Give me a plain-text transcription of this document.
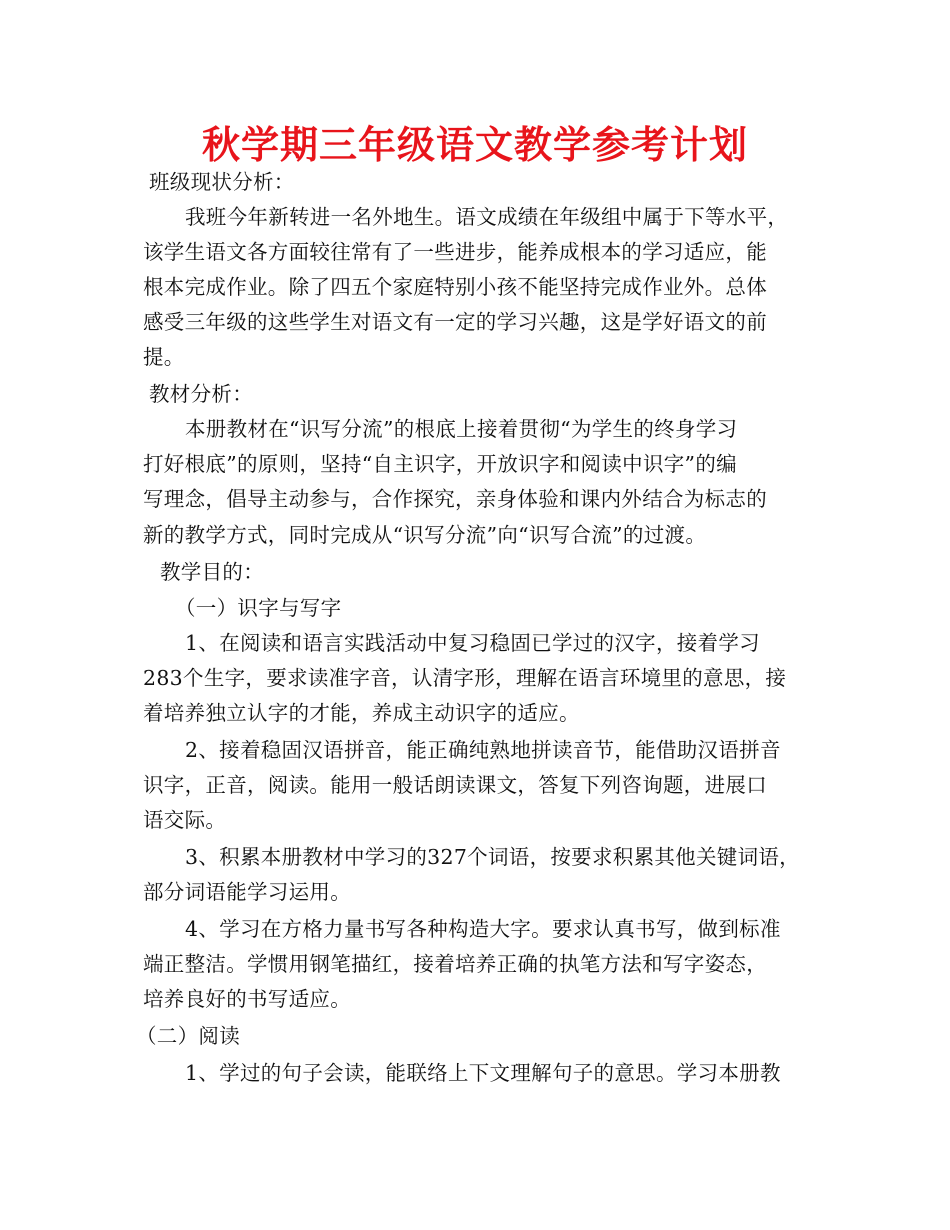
秋学期三年级语文教学参考计划
班级现状分析：
我班今年新转进一名外地生。语文成绩在年级组中属于下等水平，
该学生语文各方面较往常有了一些进步，能养成根本的学习适应，能
根本完成作业。除了四五个家庭特别小孩不能坚持完成作业外。总体
感受三年级的这些学生对语文有一定的学习兴趣，这是学好语文的前
提。
教材分析：
本册教材在“识写分流”的根底上接着贯彻“为学生的终身学习
打好根底”的原则，坚持“自主识字，开放识字和阅读中识字”的编
写理念，倡导主动参与，合作探究，亲身体验和课内外结合为标志的
新的教学方式，同时完成从“识写分流”向“识写合流”的过渡。
教学目的：
（一）识字与写字
1、在阅读和语言实践活动中复习稳固已学过的汉字，接着学习
283个生字，要求读准字音，认清字形，理解在语言环境里的意思，接
着培养独立认字的才能，养成主动识字的适应。
2、接着稳固汉语拼音，能正确纯熟地拼读音节，能借助汉语拼音
识字，正音，阅读。能用一般话朗读课文，答复下列咨询题，进展口
语交际。
3、积累本册教材中学习的327个词语，按要求积累其他关键词语，
部分词语能学习运用。
4、学习在方格力量书写各种构造大字。要求认真书写，做到标准
端正整洁。学惯用钢笔描红，接着培养正确的执笔方法和写字姿态，
培养良好的书写适应。
（二）阅读
1、学过的句子会读，能联络上下文理解句子的意思。学习本册教
